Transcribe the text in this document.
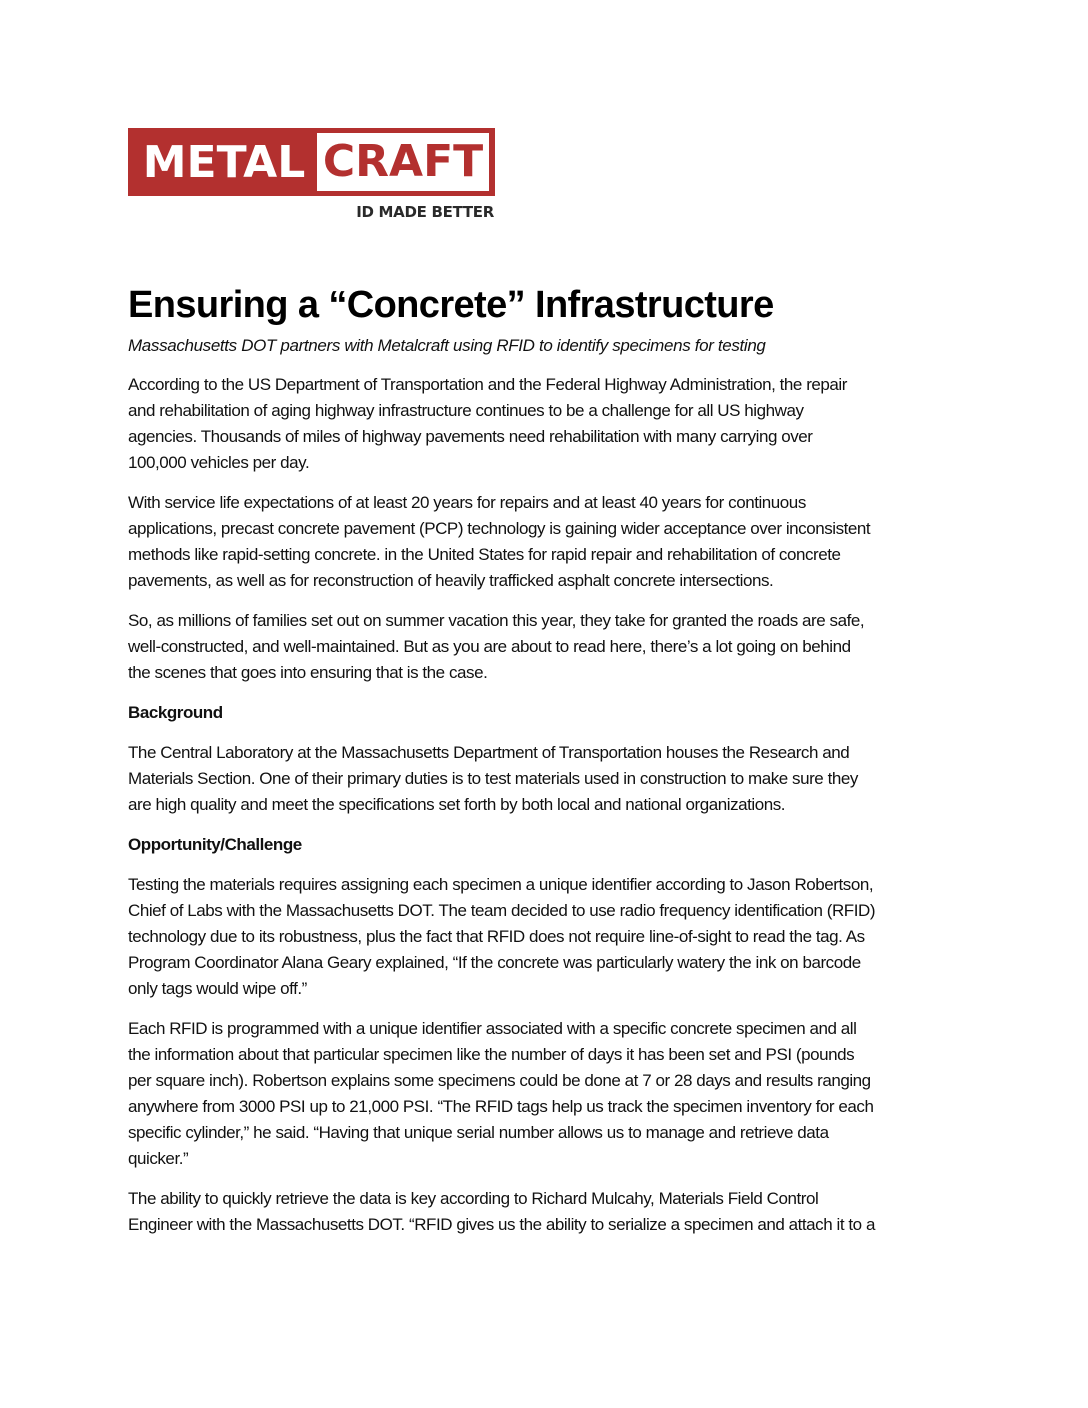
METAL CRAFT
ID MADE BETTER
Ensuring a “Concrete” Infrastructure

Massachusetts DOT partners with Metalcraft using RFID to identify specimens for testing

According to the US Department of Transportation and the Federal Highway Administration, the repair
and rehabilitation of aging highway infrastructure continues to be a challenge for all US highway
agencies. Thousands of miles of highway pavements need rehabilitation with many carrying over
100,000 vehicles per day.

With service life expectations of at least 20 years for repairs and at least 40 years for continuous
applications, precast concrete pavement (PCP) technology is gaining wider acceptance over inconsistent
methods like rapid-setting concrete. in the United States for rapid repair and rehabilitation of concrete
pavements, as well as for reconstruction of heavily trafficked asphalt concrete intersections.

So, as millions of families set out on summer vacation this year, they take for granted the roads are safe,
well-constructed, and well-maintained. But as you are about to read here, there’s a lot going on behind
the scenes that goes into ensuring that is the case.

Background

The Central Laboratory at the Massachusetts Department of Transportation houses the Research and
Materials Section. One of their primary duties is to test materials used in construction to make sure they
are high quality and meet the specifications set forth by both local and national organizations.

Opportunity/Challenge

Testing the materials requires assigning each specimen a unique identifier according to Jason Robertson,
Chief of Labs with the Massachusetts DOT. The team decided to use radio frequency identification (RFID)
technology due to its robustness, plus the fact that RFID does not require line-of-sight to read the tag. As
Program Coordinator Alana Geary explained, “If the concrete was particularly watery the ink on barcode
only tags would wipe off.”

Each RFID is programmed with a unique identifier associated with a specific concrete specimen and all
the information about that particular specimen like the number of days it has been set and PSI (pounds
per square inch). Robertson explains some specimens could be done at 7 or 28 days and results ranging
anywhere from 3000 PSI up to 21,000 PSI. “The RFID tags help us track the specimen inventory for each
specific cylinder,” he said. “Having that unique serial number allows us to manage and retrieve data
quicker.”

The ability to quickly retrieve the data is key according to Richard Mulcahy, Materials Field Control
Engineer with the Massachusetts DOT. “RFID gives us the ability to serialize a specimen and attach it to a
